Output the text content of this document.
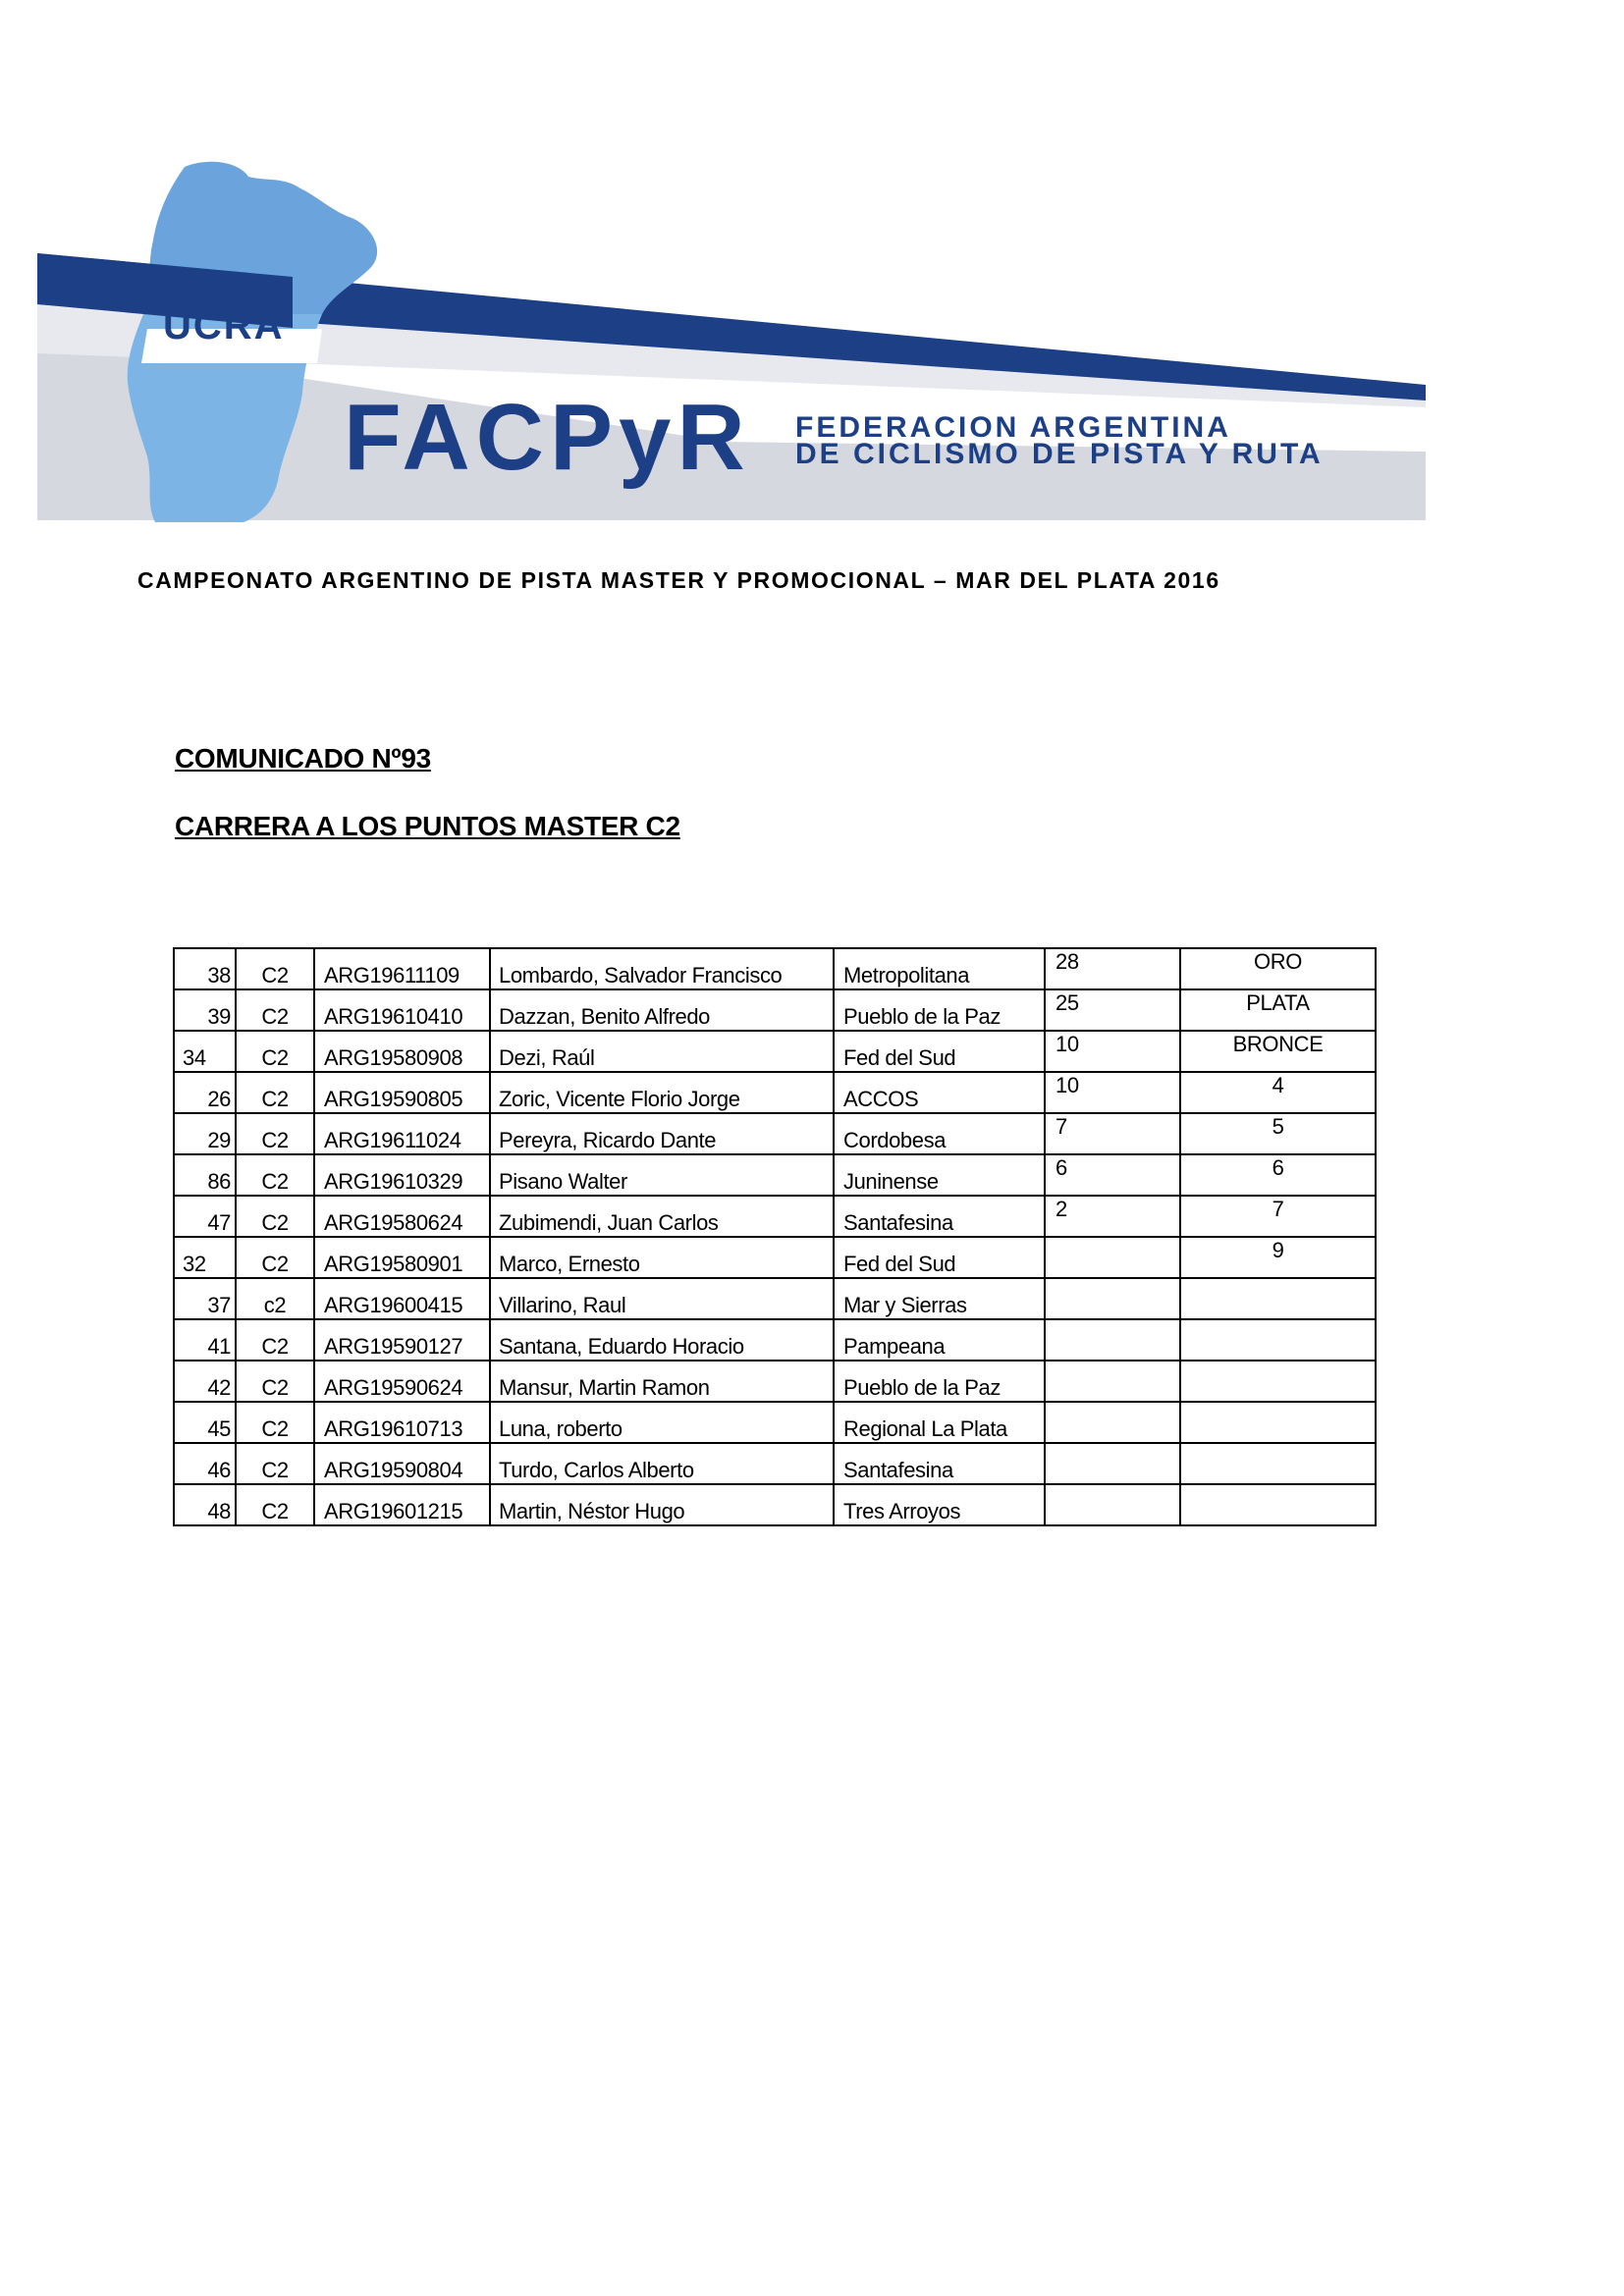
UCRA
FACPyR FEDERACION ARGENTINA
DE CICLISMO DE PISTA Y RUTA
CAMPEONATO ARGENTINO DE PISTA MASTER Y PROMOCIONAL – MAR DEL PLATA 2016
COMUNICADO Nº93
CARRERA A LOS PUNTOS MASTER C2
38	C2	ARG19611109	Lombardo, Salvador Francisco	Metropolitana	28	ORO
39	C2	ARG19610410	Dazzan, Benito Alfredo	Pueblo de la Paz	25	PLATA
34	C2	ARG19580908	Dezi, Raúl	Fed del Sud	10	BRONCE
26	C2	ARG19590805	Zoric, Vicente Florio Jorge	ACCOS	10	4
29	C2	ARG19611024	Pereyra, Ricardo Dante	Cordobesa	7	5
86	C2	ARG19610329	Pisano Walter	Juninense	6	6
47	C2	ARG19580624	Zubimendi, Juan Carlos	Santafesina	2	7
32	C2	ARG19580901	Marco, Ernesto	Fed del Sud		9
37	c2	ARG19600415	Villarino, Raul	Mar y Sierras		
41	C2	ARG19590127	Santana, Eduardo Horacio	Pampeana		
42	C2	ARG19590624	Mansur, Martin Ramon	Pueblo de la Paz		
45	C2	ARG19610713	Luna, roberto	Regional La Plata		
46	C2	ARG19590804	Turdo, Carlos Alberto	Santafesina		
48	C2	ARG19601215	Martin, Néstor Hugo	Tres Arroyos		
